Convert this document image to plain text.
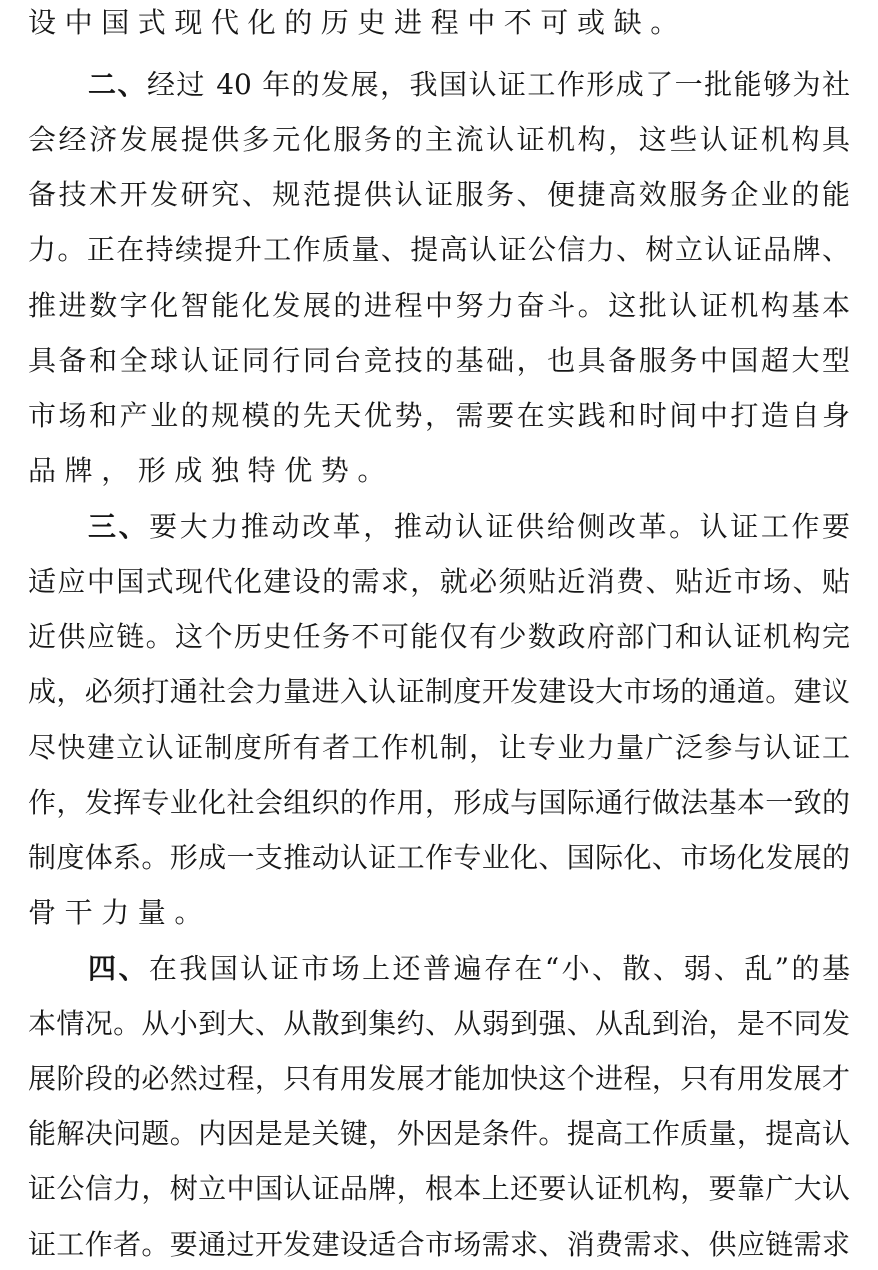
设中国式现代化的历史进程中不可或缺。
二、经过 40 年的发展，我国认证工作形成了一批能够为社
会经济发展提供多元化服务的主流认证机构，这些认证机构具
备技术开发研究、规范提供认证服务、便捷高效服务企业的能
力。正在持续提升工作质量、提高认证公信力、树立认证品牌、
推进数字化智能化发展的进程中努力奋斗。这批认证机构基本
具备和全球认证同行同台竞技的基础，也具备服务中国超大型
市场和产业的规模的先天优势，需要在实践和时间中打造自身
品牌，形成独特优势。
三、要大力推动改革，推动认证供给侧改革。认证工作要
适应中国式现代化建设的需求，就必须贴近消费、贴近市场、贴
近供应链。这个历史任务不可能仅有少数政府部门和认证机构完
成，必须打通社会力量进入认证制度开发建设大市场的通道。建议
尽快建立认证制度所有者工作机制，让专业力量广泛参与认证工
作，发挥专业化社会组织的作用，形成与国际通行做法基本一致的
制度体系。形成一支推动认证工作专业化、国际化、市场化发展的
骨干力量。
四、在我国认证市场上还普遍存在“小、散、弱、乱”的基
本情况。从小到大、从散到集约、从弱到强、从乱到治，是不同发
展阶段的必然过程，只有用发展才能加快这个进程，只有用发展才
能解决问题。内因是是关键，外因是条件。提高工作质量，提高认
证公信力，树立中国认证品牌，根本上还要认证机构，要靠广大认
证工作者。要通过开发建设适合市场需求、消费需求、供应链需求
